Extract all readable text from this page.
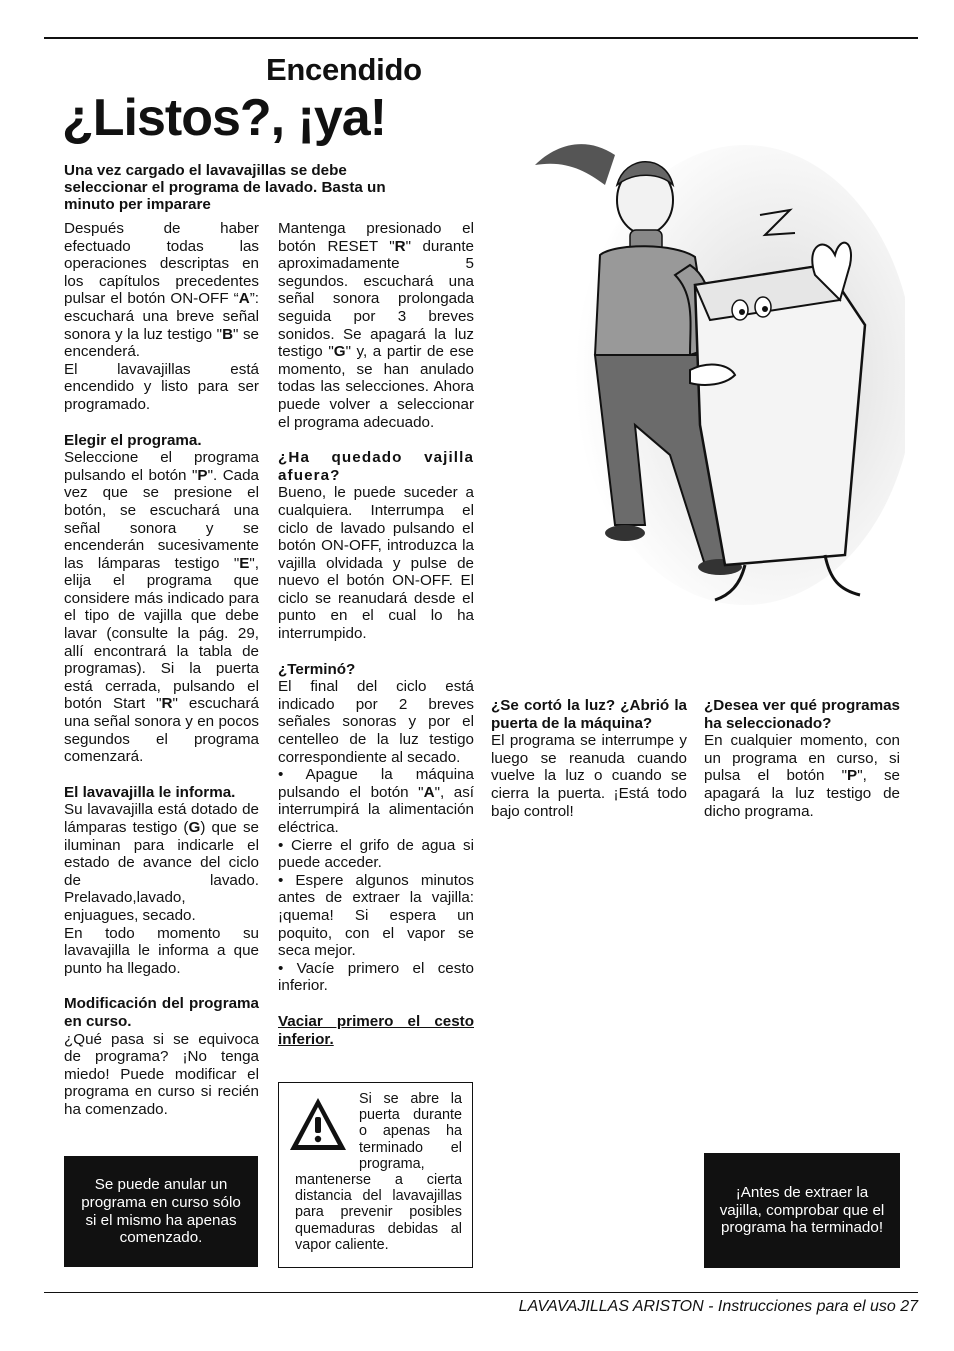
Encendido
¿Listos?, ¡ya!
Una vez cargado el lavavajillas se debe seleccionar el programa de lavado. Basta un minuto per imparare

Después de haber efectuado todas las operaciones descriptas en los capítulos precedentes pulsar el botón ON-OFF “A”: escuchará una breve señal sonora y la luz testigo "B" se encenderá.

El lavavajillas está encendido y listo para ser programado.

Elegir el programa.

Seleccione el programa pulsando el botón "P". Cada vez que se presione el botón, se escuchará una señal sonora y se encenderán sucesivamente las lámparas testigo "E", elija el programa que considere más indicado para el tipo de vajilla que debe lavar (consulte la pág. 29, allí encontrará la tabla de programas). Si la puerta está cerrada, pulsando el botón Start "R" escuchará una señal sonora y en pocos segundos el programa comenzará.

El lavavajilla le informa.

Su lavavajilla está dotado de lámparas testigo (G) que se iluminan para indicarle el estado de avance del ciclo de lavado. Prelavado,lavado, enjuagues, secado.

En todo momento su lavavajilla le informa a que punto ha llegado.

Modificación del programa en curso.

¿Qué pasa si se equivoca de programa? ¡No tenga miedo! Puede modificar el programa en curso si recién ha comenzado.

Mantenga presionado el botón RESET "R" durante aproximadamente 5 segundos. escuchará una señal sonora prolongada seguida por 3 breves sonidos. Se apagará la luz testigo "G" y, a partir de ese momento, se han anulado todas las selecciones. Ahora puede volver a seleccionar el programa adecuado.

¿Ha quedado vajilla afuera?

Bueno, le puede suceder a cualquiera. Interrumpa el ciclo de lavado pulsando el botón ON-OFF, introduzca la vajilla olvidada y pulse de nuevo el botón ON-OFF. El ciclo se reanudará desde el punto en el cual lo ha interrumpido.

¿Terminó?

El final del ciclo está indicado por 2 breves señales sonoras y por el centelleo de la luz testigo correspondiente al secado.

• Apague la máquina pulsando el botón "A", así interrumpirá la alimentación eléctrica.

• Cierre el grifo de agua si puede acceder.

• Espere algunos minutos antes de extraer la vajilla: ¡quema! Si espera un poquito, con el vapor se seca mejor.

• Vacíe primero el cesto inferior.

Vaciar primero el cesto inferior.

¿Se cortó la luz? ¿Abrió la puerta de la máquina?

El programa se interrumpe y luego se reanuda cuando vuelve la luz o cuando se cierra la puerta. ¡Está todo bajo control!

¿Desea ver qué programas ha seleccionado?

En cualquier momento, con un programa en curso, si pulsa el botón "P", se apagará la luz testigo de dicho programa.

Se puede anular un programa en curso sólo si el mismo ha apenas comenzado.
Si se abre la puerta durante o apenas ha terminado el programa, mantenerse a cierta distancia del lavavajillas para prevenir posibles quemaduras debidas al vapor caliente.
¡Antes de extraer la vajilla, comprobar que el programa ha terminado!
LAVAVAJILLAS ARISTON - Instrucciones para el uso 27
